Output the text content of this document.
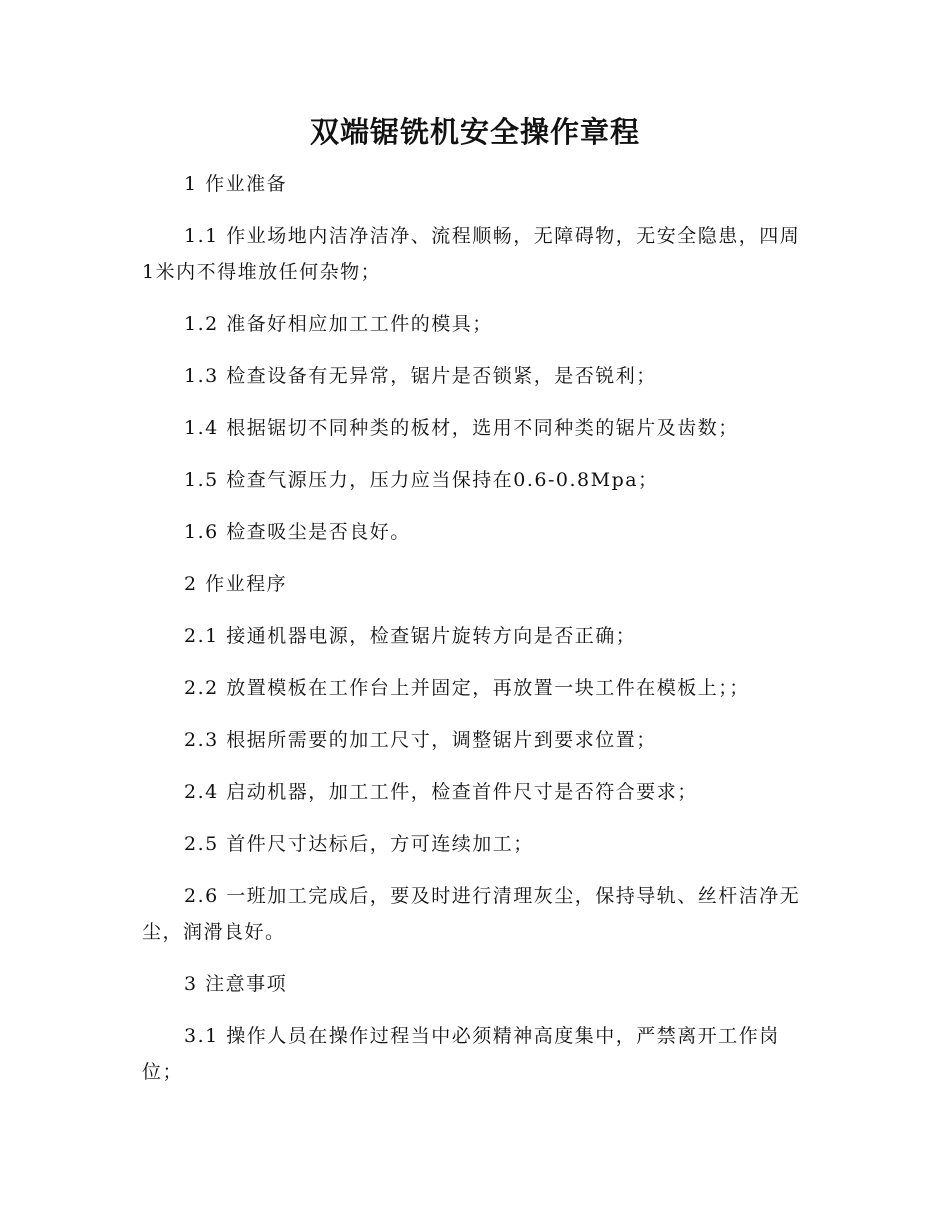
双端锯铣机安全操作章程

1 作业准备

1.1 作业场地内洁净洁净、流程顺畅，无障碍物，无安全隐患，四周1米内不得堆放任何杂物；

1.2 准备好相应加工工件的模具；

1.3 检查设备有无异常，锯片是否锁紧，是否锐利；

1.4 根据锯切不同种类的板材，选用不同种类的锯片及齿数；

1.5 检查气源压力，压力应当保持在0.6-0.8Mpa；

1.6 检查吸尘是否良好。

2 作业程序

2.1 接通机器电源，检查锯片旋转方向是否正确；

2.2 放置模板在工作台上并固定，再放置一块工件在模板上；；

2.3 根据所需要的加工尺寸，调整锯片到要求位置；

2.4 启动机器，加工工件，检查首件尺寸是否符合要求；

2.5 首件尺寸达标后，方可连续加工；

2.6 一班加工完成后，要及时进行清理灰尘，保持导轨、丝杆洁净无尘，润滑良好。

3 注意事项

3.1 操作人员在操作过程当中必须精神高度集中，严禁离开工作岗位；
